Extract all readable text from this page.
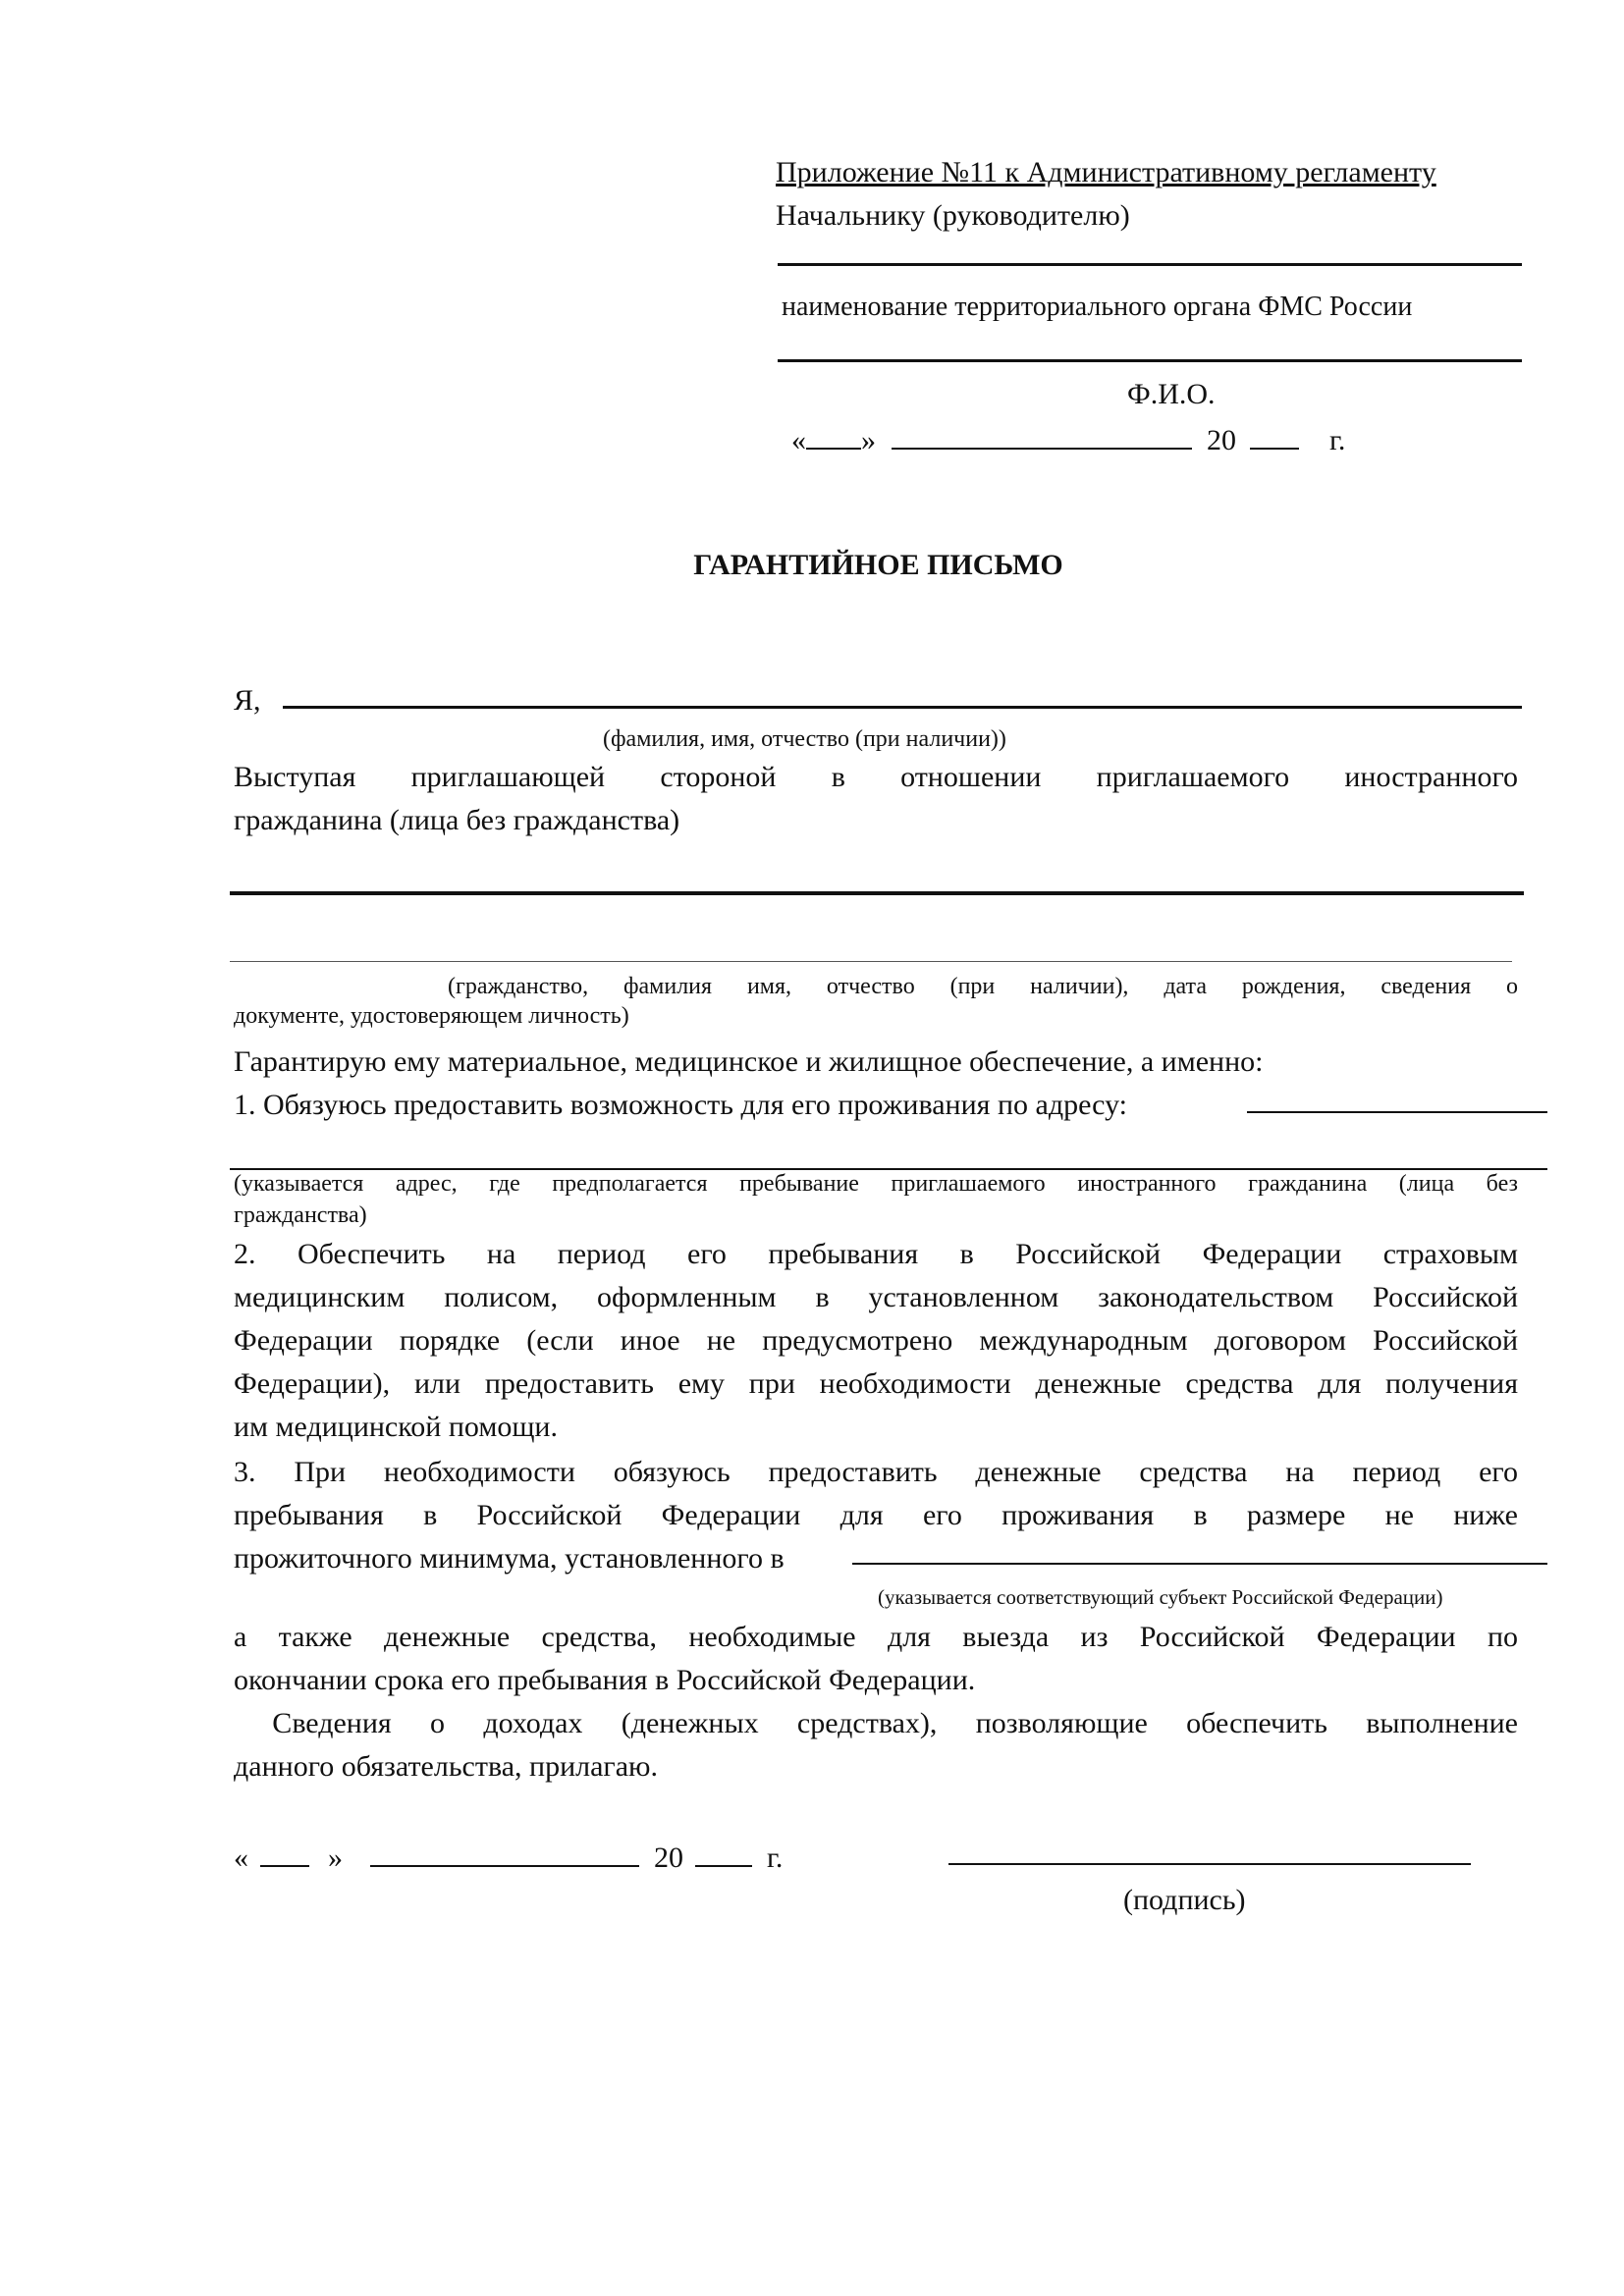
Приложение №11 к Административному регламенту
Начальнику (руководителю)
наименование территориального органа ФМС России
Ф.И.О.
« »	20	г.
ГАРАНТИЙНОЕ ПИСЬМО
Я,
(фамилия, имя, отчество (при наличии))
Выступая приглашающей стороной в отношении приглашаемого иностранного
гражданина (лица без гражданства)
(гражданство, фамилия имя, отчество (при наличии), дата рождения, сведения о
документе, удостоверяющем личность)
Гарантирую ему материальное, медицинское и жилищное обеспечение, а именно:
1. Обязуюсь предоставить возможность для его проживания по адресу:
(указывается адрес, где предполагается пребывание приглашаемого иностранного гражданина (лица без
гражданства)
2. Обеспечить на период его пребывания в Российской Федерации страховым
медицинским полисом, оформленным в установленном законодательством Российской
Федерации порядке (если иное не предусмотрено международным договором Российской
Федерации), или предоставить ему при необходимости денежные средства для получения
им медицинской помощи.
3. При необходимости обязуюсь предоставить денежные средства на период его
пребывания в Российской Федерации для его проживания в размере не ниже
прожиточного минимума, установленного в
(указывается соответствующий субъект Российской Федерации)
а также денежные средства, необходимые для выезда из Российской Федерации по
окончании срока его пребывания в Российской Федерации.
Сведения о доходах (денежных средствах), позволяющие обеспечить выполнение
данного обязательства, прилагаю.
«	»	20	г.
(подпись)
